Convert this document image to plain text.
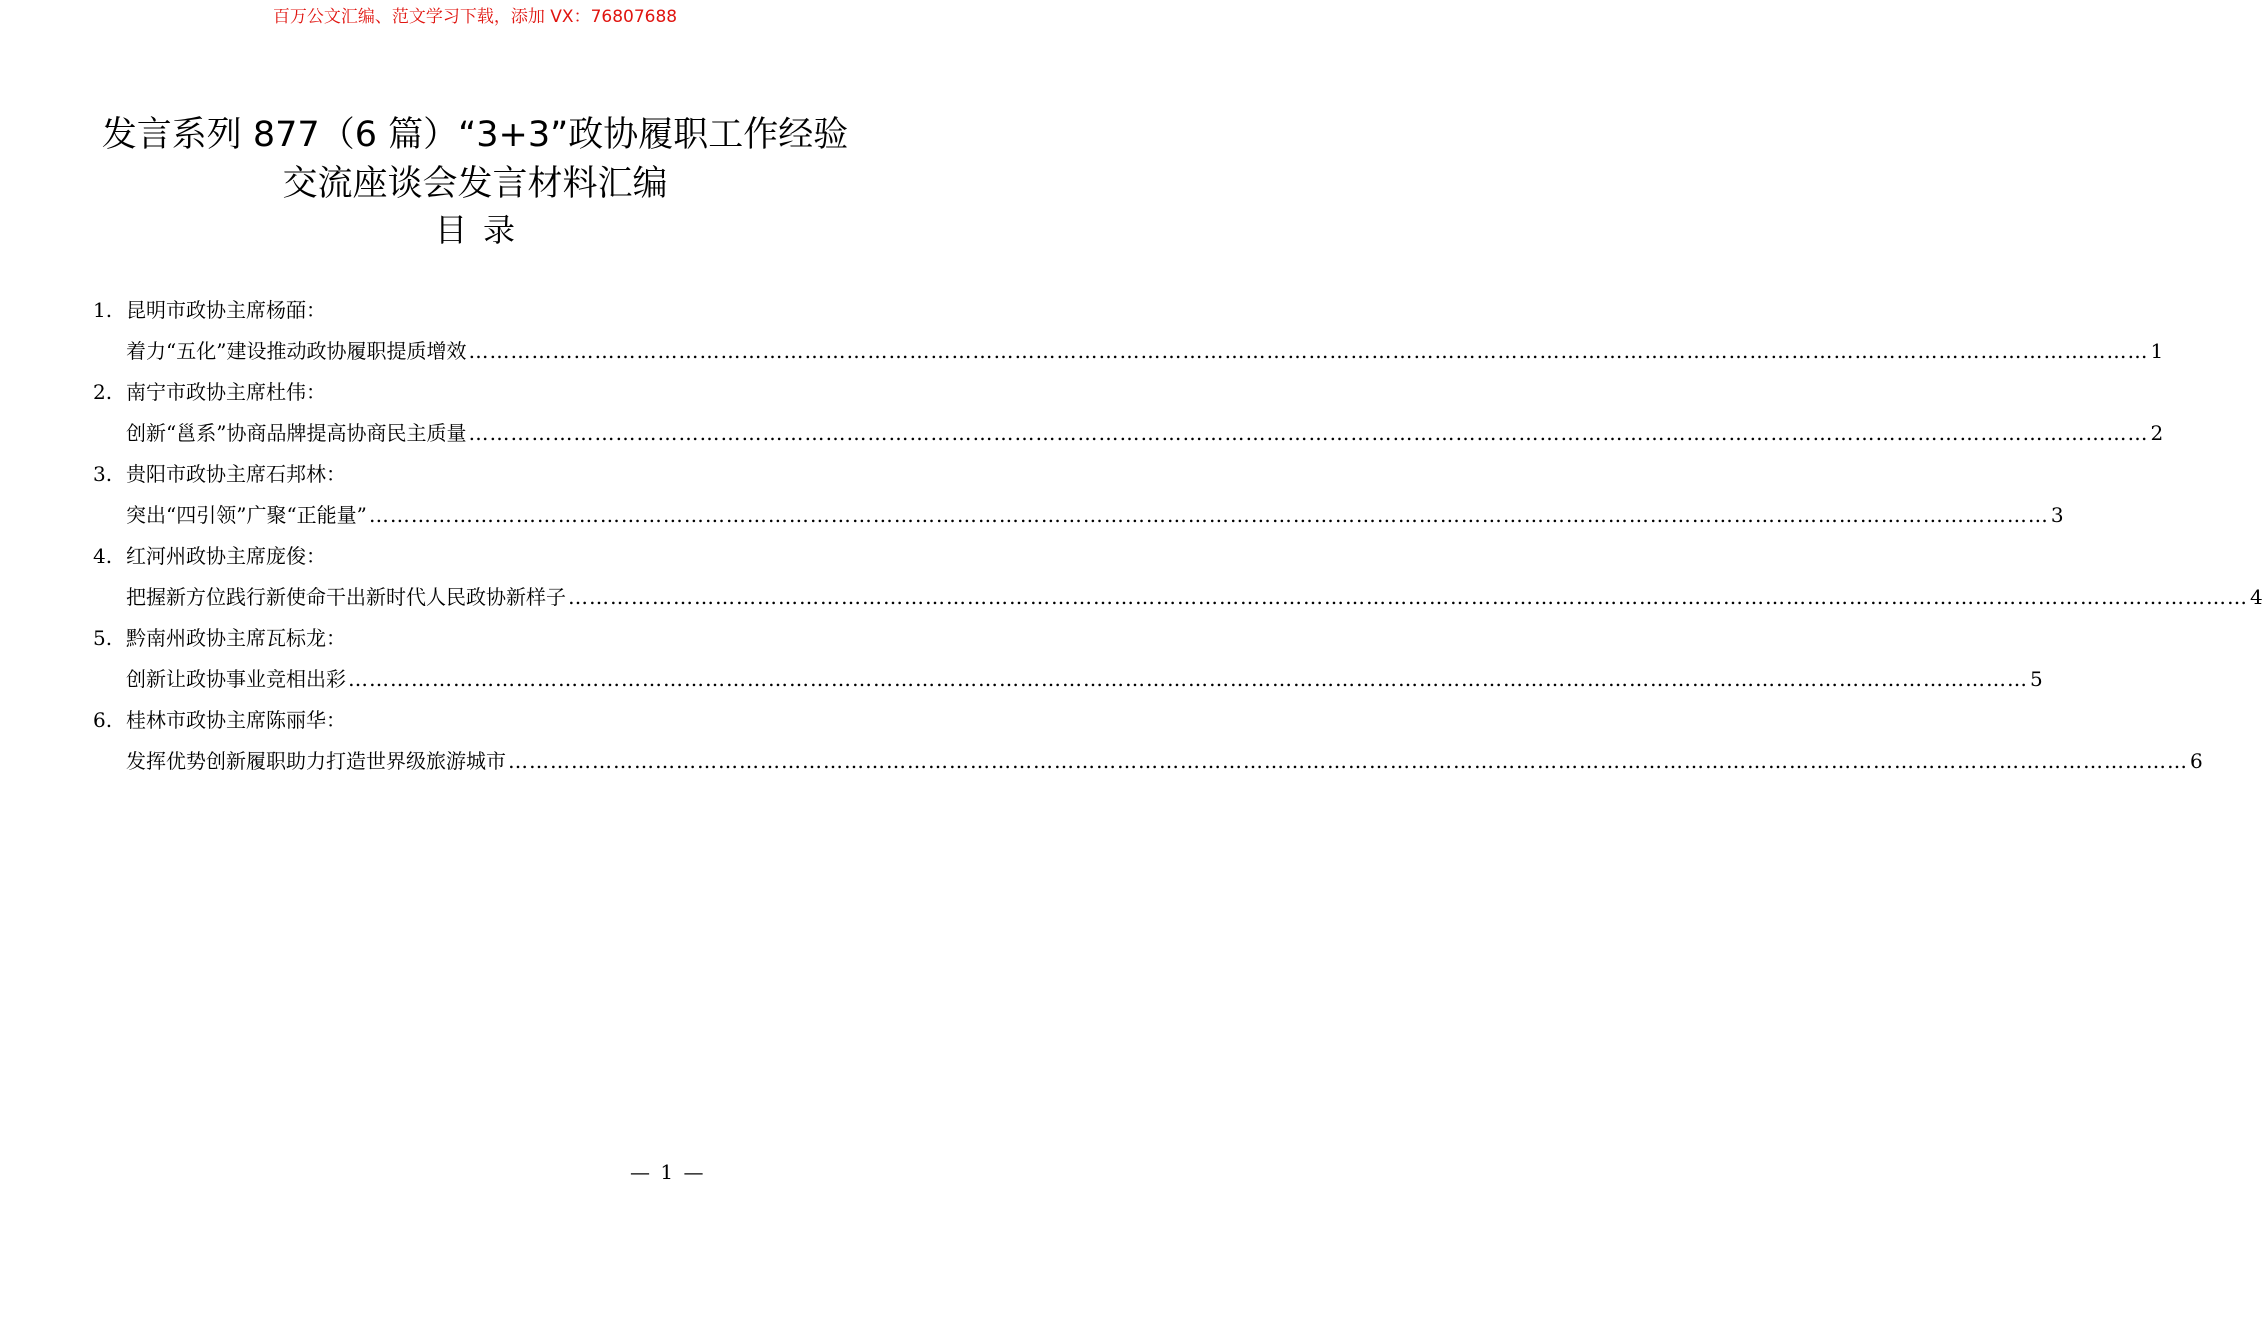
百万公文汇编、范文学习下载，添加 VX：76807688
发言系列 877（6 篇）“3+3”政协履职工作经验
交流座谈会发言材料汇编
目录
1. 昆明市政协主席杨皕：
着力“五化”建设推动政协履职提质增效 …………………………………………………………………………………………………………………………………………………………………………………………………………………… 1
2. 南宁市政协主席杜伟：
创新“邕系”协商品牌提高协商民主质量 …………………………………………………………………………………………………………………………………………………………………………………………………………………… 2
3. 贵阳市政协主席石邦林：
突出“四引领”广聚“正能量” …………………………………………………………………………………………………………………………………………………………………………………………………………………… 3
4. 红河州政协主席庞俊：
把握新方位践行新使命干出新时代人民政协新样子 …………………………………………………………………………………………………………………………………………………………………………………………………………………… 4
5. 黔南州政协主席瓦标龙：
创新让政协事业竞相出彩 …………………………………………………………………………………………………………………………………………………………………………………………………………………… 5
6. 桂林市政协主席陈丽华：
发挥优势创新履职助力打造世界级旅游城市 …………………………………………………………………………………………………………………………………………………………………………………………………………………… 6
— 1 —
